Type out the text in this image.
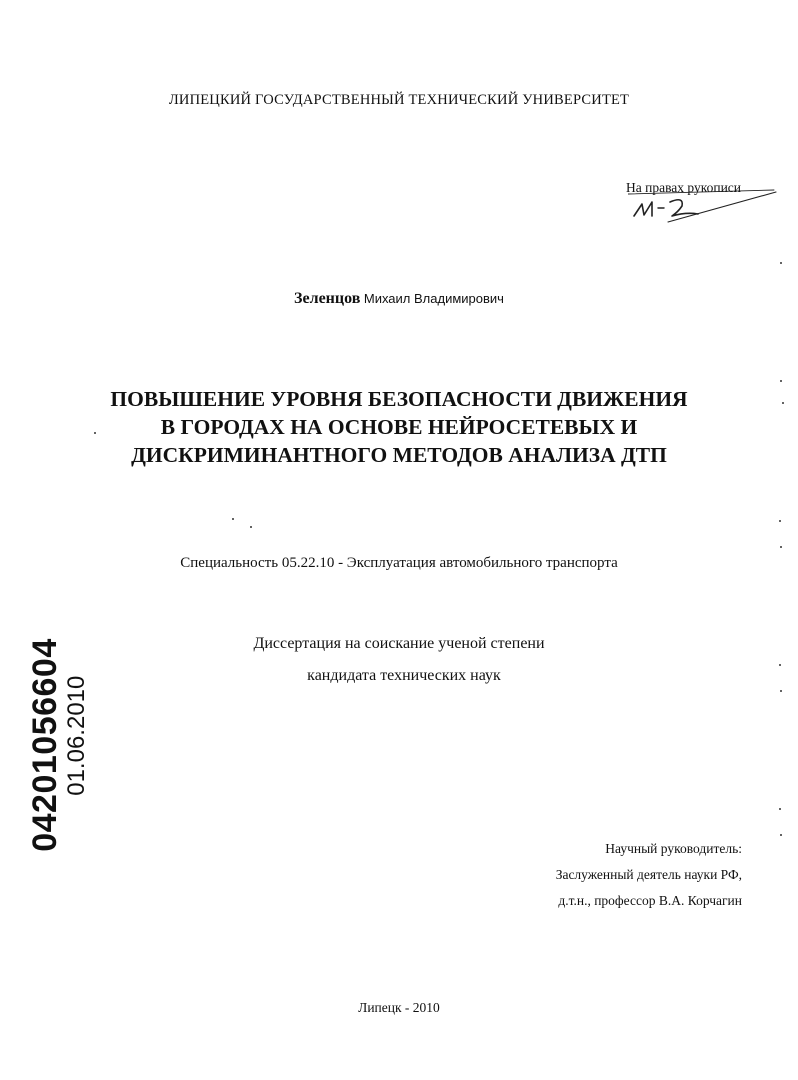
ЛИПЕЦКИЙ ГОСУДАРСТВЕННЫЙ ТЕХНИЧЕСКИЙ УНИВЕРСИТЕТ
На правах рукописи
Зеленцов Михаил Владимирович
ПОВЫШЕНИЕ УРОВНЯ БЕЗОПАСНОСТИ ДВИЖЕНИЯ
В ГОРОДАХ НА ОСНОВЕ НЕЙРОСЕТЕВЫХ И
ДИСКРИМИНАНТНОГО МЕТОДОВ АНАЛИЗА ДТП
Специальность 05.22.10 - Эксплуатация автомобильного транспорта
Диссертация на соискание ученой степени
кандидата технических наук
Научный руководитель:
Заслуженный деятель науки РФ,
д.т.н., профессор В.А. Корчагин
Липецк - 2010
04201056604 01.06.2010
